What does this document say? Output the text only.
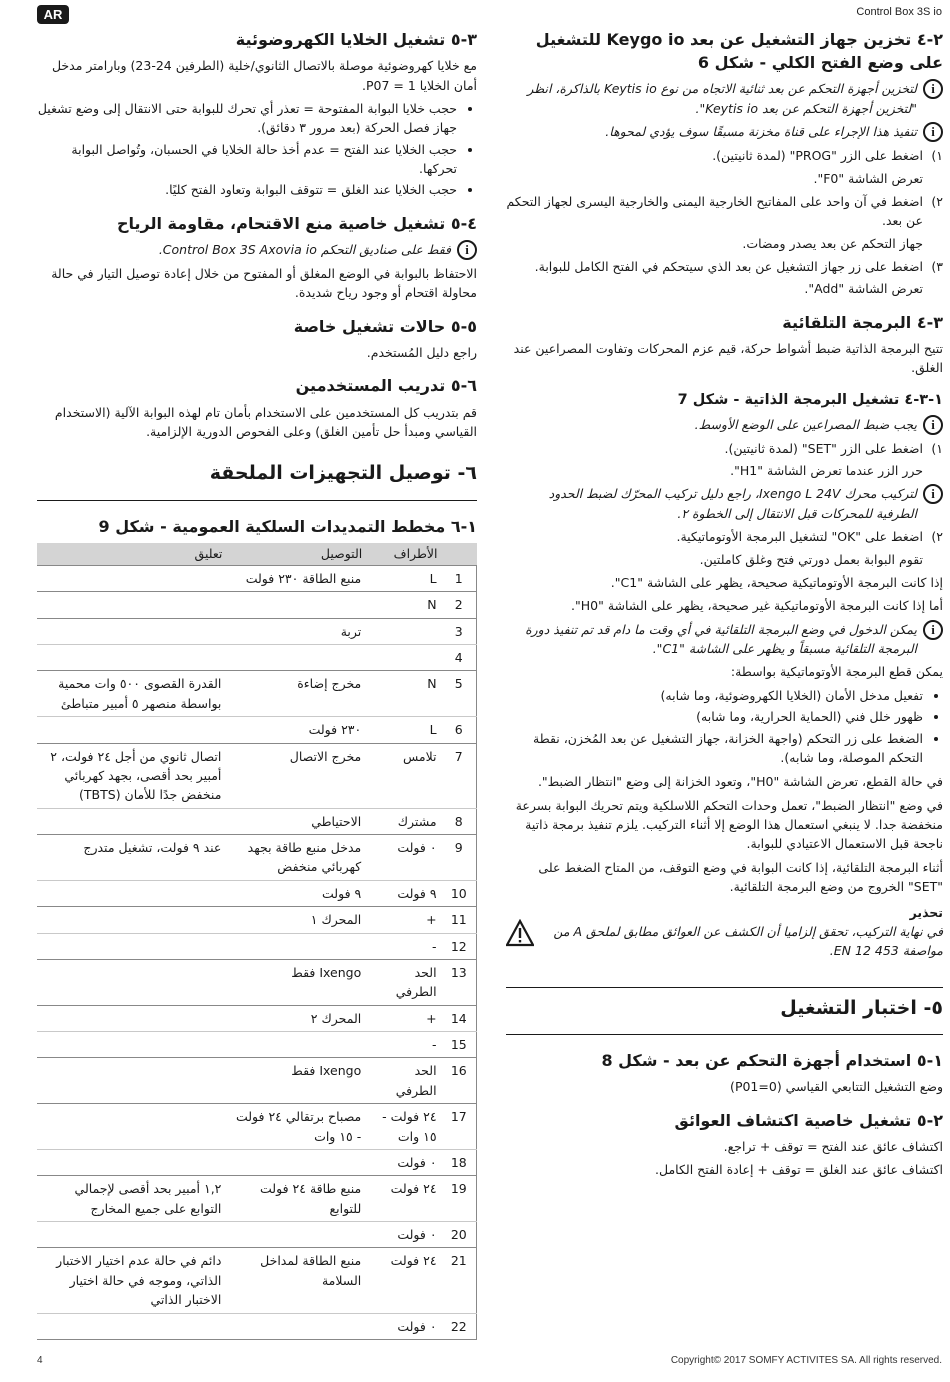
AR	Control Box 3S io
٢-٤ تخزين جهاز التشغيل عن بعد Keygo io للتشغيل على وضع الفتح الكلي - شكل 6
i
لتخزين أجهزة التحكم عن بعد ثنائية الاتجاه من نوع Keytis io بالذاكرة، انظر "لتخزين أجهزة التحكم عن بعد Keytis io".
i
تنفيذ هذا الإجراء على قناة مخزنة مسبقًا سوف يؤدي لمحوها.
١)
اضغط على الزر "PROG" (لمدة ثانيتين).
تعرض الشاشة "F0".
٢)
اضغط في آن واحد على المفاتيح الخارجية اليمنى والخارجية اليسرى لجهاز التحكم عن بعد.
جهاز التحكم عن بعد يصدر ومضات.
٣)
اضغط على زر جهاز التشغيل عن بعد الذي سيتحكم في الفتح الكامل للبوابة.
تعرض الشاشة "Add".
٣-٤ البرمجة التلقائية

تتيح البرمجة الذاتية ضبط أشواط حركة، قيم عزم المحركات وتفاوت المصراعين عند الغلق.

١-٣-٤ تشغيل البرمجة الذاتية - شكل 7
i
يجب ضبط المصراعين على الوضع الأوسط.
١)
اضغط على الزر "SET" (لمدة ثانيتين).
حرر الزر عندما تعرض الشاشة "H1".
i
لتركيب محرك Ixengo L 24V، راجع دليل تركيب المحرّك لضبط الحدود الطرفية للمحركات قبل الانتقال إلى الخطوة ٢.
٢)
اضغط على "OK" لتشغيل البرمجة الأوتوماتيكية.
تقوم البوابة بعمل دورتي فتح وغلق كاملتين.

إذا كانت البرمجة الأوتوماتيكية صحيحة، يظهر على الشاشة "C1".

أما إذا كانت البرمجة الأوتوماتيكية غير صحيحة، يظهر على الشاشة "H0".

i
يمكن الدخول في وضع البرمجة التلقائية في أي وقت ما دام قد تم تنفيذ دورة البرمجة التلقائية مسبقاً و يظهر على الشاشة "C1".

يمكن قطع البرمجة الأوتوماتيكية بواسطة:

• تفعيل مدخل الأمان (الخلايا الكهروضوئية، وما شابه)
• ظهور خلل فني (الحماية الحرارية، وما شابه)
• الضغط على زر التحكم (واجهة الخزانة، جهاز التشغيل عن بعد المُخزن، نقطة التحكم الموصلة، وما شابه).

في حالة القطع، تعرض الشاشة "H0"، وتعود الخزانة إلى وضع "انتظار الضبط".

في وضع "انتظار الضبط"، تعمل وحدات التحكم اللاسلكية ويتم تحريك البوابة بسرعة منخفضة جدا. لا ينبغي استعمال هذا الوضع إلا أثناء التركيب. يلزم تنفيذ برمجة ذاتية ناجحة قبل الاستعمال الاعتيادي للبوابة.

أثناء البرمجة التلقائية، إذا كانت البوابة في وضع التوقف، من المتاح الضغط على "SET" الخروج من وضع البرمجة التلقائية.

تحذير
في نهاية التركيب، تحقق إلزاميا أن الكشف عن العوائق مطابق لملحق A من مواصفة EN 12 453.
٥- اختبار التشغيل
١-٥ استخدام أجهزة التحكم عن بعد - شكل 8

وضع التشغيل التتابعي القياسي (P01=0)

٢-٥ تشغيل خاصية اكتشاف العوائق

اكتشاف عائق عند الفتح = توقف + تراجع.

اكتشاف عائق عند الغلق = توقف + إعادة الفتح الكامل.

٣-٥ تشغيل الخلايا الكهروضوئية

مع خلايا كهروضوئية موصلة بالاتصال الثانوي/خلية (الطرفين 24-23) وبارامتر مدخل أمان الخلايا P07 = 1.

• حجب خلايا البوابة المفتوحة = تعذر أي تحرك للبوابة حتى الانتقال إلى وضع تشغيل جهاز فصل الحركة (بعد مرور ٣ دقائق).
• حجب الخلايا عند الفتح = عدم أخذ حالة الخلايا في الحسبان، وتُواصل البوابة تحركها.
• حجب الخلايا عند الغلق = تتوقف البوابة وتعاود الفتح كليًا.
٤-٥ تشغيل خاصية منع الاقتحام، مقاومة الرياح
i
فقط على صناديق التحكم Control Box 3S Axovia io.

الاحتفاظ بالبوابة في الوضع المغلق أو المفتوح من خلال إعادة توصيل التيار في حالة محاولة اقتحام أو وجود رياح شديدة.

٥-٥ حالات تشغيل خاصة

راجع دليل المُستخدم.

٦-٥ تدريب المستخدمين

قم بتدريب كل المستخدمين على الاستخدام بأمان تام لهذه البوابة الآلية (الاستخدام القياسي ومبدأ حل تأمين الغلق) وعلى الفحوص الدورية الإلزامية.

٦- توصيل التجهيزات الملحقة
١-٦ مخطط التمديدات السلكية العمومية - شكل 9
	الأطراف	التوصيل	تعليق
1	L	منبع الطاقة ٢٣٠ فولت	
2	N		
3		تربة	
4			
5	N	مخرج إضاءة	القدرة القصوى ٥٠٠ وات محمية بواسطة منصهر ٥ أمبير متباطئ
6	L	٢٣٠ فولت	
7	تلامس	مخرج الاتصال	اتصال ثانوي من أجل ٢٤ فولت، ٢ أمبير بحد أقصى، بجهد كهربائي منخفض جدًا للأمان (TBTS)
8	مشترك	الاحتياطي	
9	٠ فولت	مدخل منبع طاقة بجهد كهربائي منخفض	عند ٩ فولت، تشغيل متدرج
10	٩ فولت	٩ فولت	
11	+	المحرك ١	
12	-		
13	الحد الطرفي	Ixengo فقط	
14	+	المحرك ٢	
15	-		
16	الحد الطرفي	Ixengo فقط	
17	٢٤ فولت - ١٥ وات	مصباح برتقالي ٢٤ فولت - ١٥ وات	
18	٠ فولت		
19	٢٤ فولت	منبع طاقة ٢٤ فولت للتوابع	١,٢ أمبير بحد أقصى لإجمالي التوابع على جميع المخارج
20	٠ فولت		
21	٢٤ فولت	منبع الطاقة لمداخل السلامة	دائم في حالة عدم اختيار الاختبار الذاتي، وموجه في حالة اختيار الاختبار الذاتي
22	٠ فولت		
4	Copyright© 2017 SOMFY ACTIVITES SA. All rights reserved.
